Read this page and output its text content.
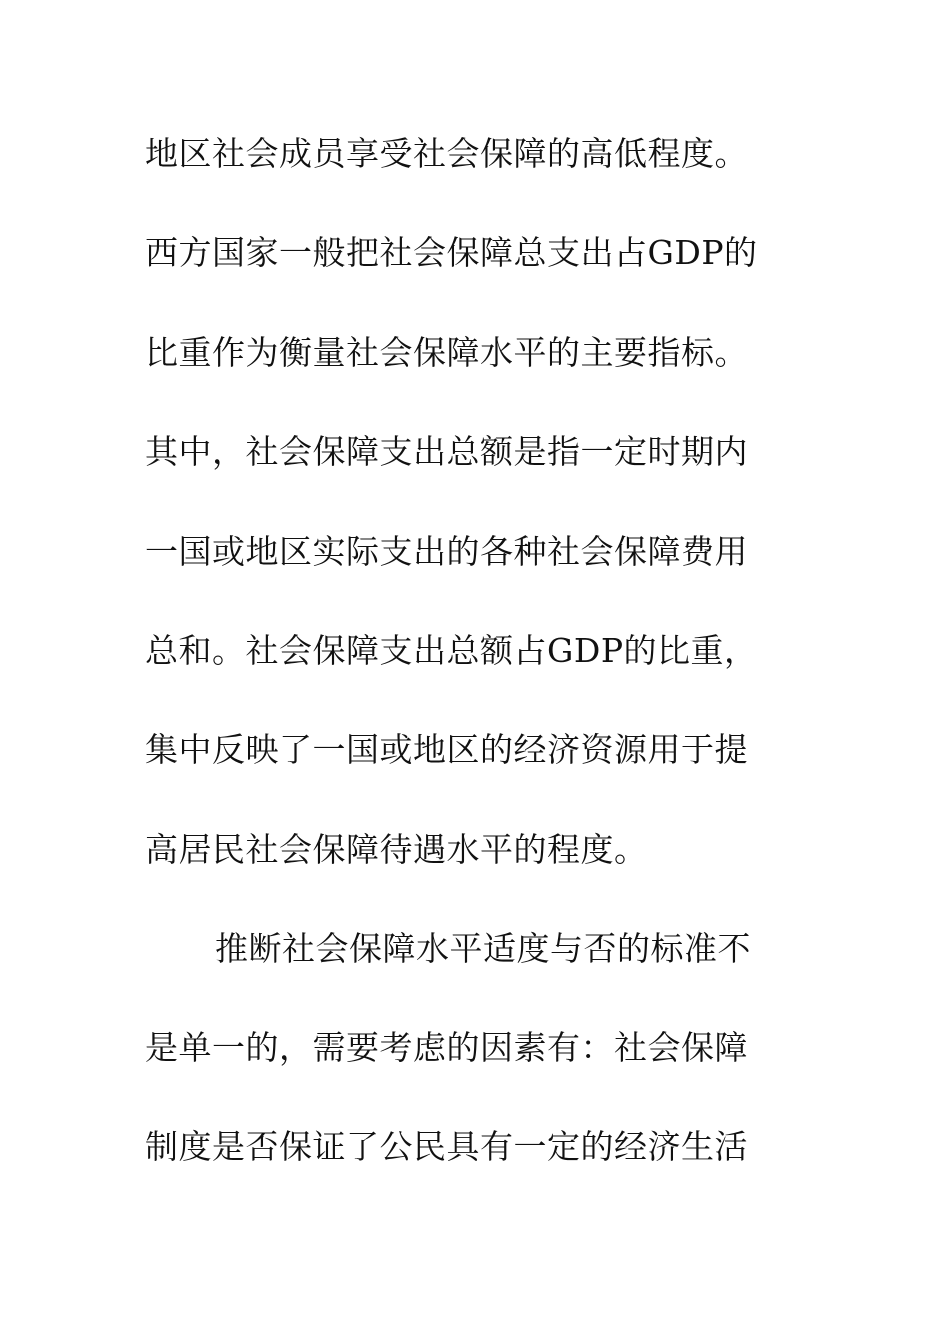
地区社会成员享受社会保障的高低程度。
西方国家一般把社会保障总支出占GDP的
比重作为衡量社会保障水平的主要指标。
其中，社会保障支出总额是指一定时期内
一国或地区实际支出的各种社会保障费用
总和。社会保障支出总额占GDP的比重，
集中反映了一国或地区的经济资源用于提
高居民社会保障待遇水平的程度。
推断社会保障水平适度与否的标准不
是单一的，需要考虑的因素有：社会保障
制度是否保证了公民具有一定的经济生活
